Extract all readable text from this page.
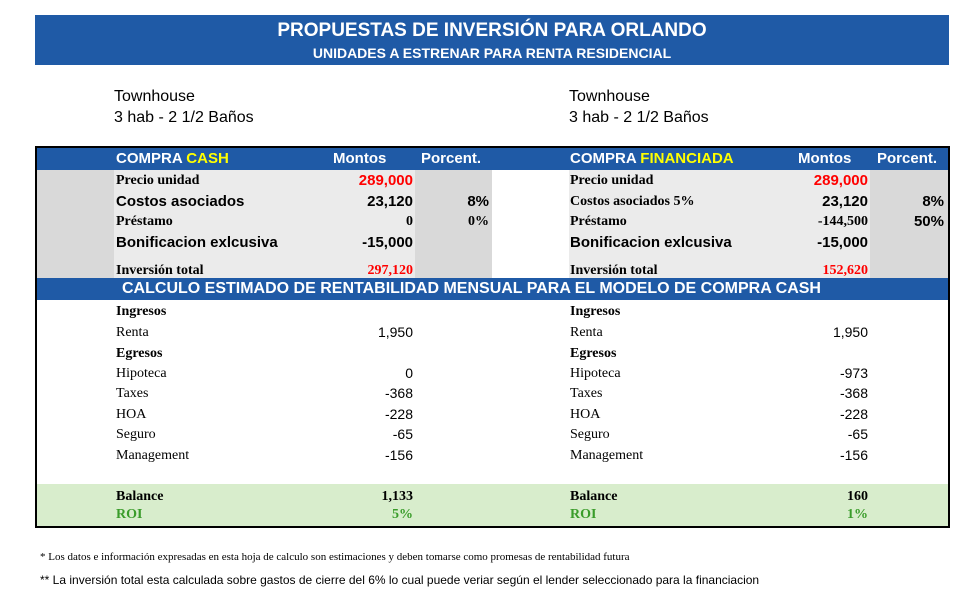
PROPUESTAS DE INVERSIÓN PARA ORLANDO
UNIDADES A ESTRENAR PARA RENTA RESIDENCIAL
Townhouse
3 hab - 2 1/2 Baños
Townhouse
3 hab - 2 1/2 Baños
COMPRA CASH	Montos Porcent.	COMPRA FINANCIADA	Montos Porcent.
Precio unidad	289,000
Costos asociados	23,120	8%
Préstamo	0	0%
Bonificacion exlcusiva	-15,000
Inversión total	297,120
Precio unidad	289,000
Costos asociados 5%	23,120	8%
Préstamo	-144,500	50%
Bonificacion exlcusiva	-15,000
Inversión total	152,620
CALCULO ESTIMADO DE RENTABILIDAD MENSUAL PARA EL MODELO DE COMPRA CASH
Ingresos
Renta	1,950
Egresos
Hipoteca	0
Taxes	-368
HOA	-228
Seguro	-65
Management	-156
Ingresos
Renta	1,950
Egresos
Hipoteca	-973
Taxes	-368
HOA	-228
Seguro	-65
Management	-156
Balance	1,133
ROI	5%
Balance	160
ROI	1%
* Los datos e información expresadas en esta hoja de calculo son estimaciones y deben tomarse como promesas de rentabilidad futura
** La inversión total esta calculada sobre gastos de cierre del 6% lo cual puede veriar según el lender seleccionado para la financiacion
